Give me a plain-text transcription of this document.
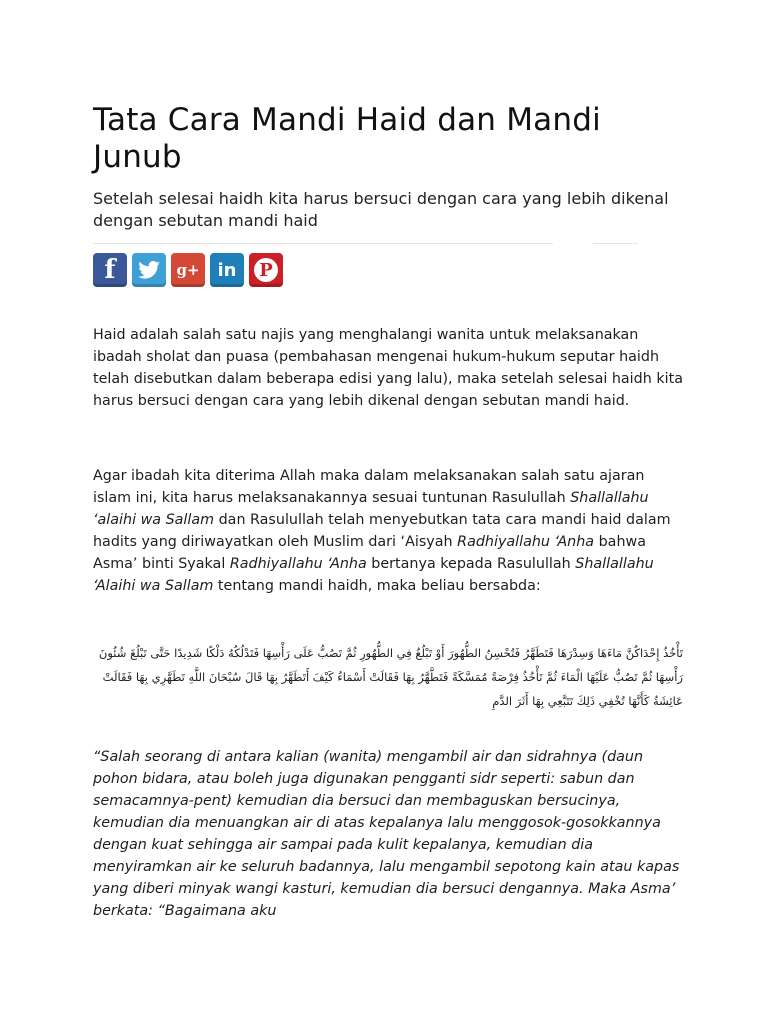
Tata Cara Mandi Haid dan Mandi Junub

Setelah selesai haidh kita harus bersuci dengan cara yang lebih dikenal dengan sebutan mandi haid

f	g+ in P

Haid adalah salah satu najis yang menghalangi wanita untuk melaksanakan ibadah sholat dan puasa (pembahasan mengenai hukum-hukum seputar haidh telah disebutkan dalam beberapa edisi yang lalu), maka setelah selesai haidh kita harus bersuci dengan cara yang lebih dikenal dengan sebutan mandi haid.

Agar ibadah kita diterima Allah maka dalam melaksanakan salah satu ajaran islam ini, kita harus melaksanakannya sesuai tuntunan Rasulullah Shallallahu ‘alaihi wa Sallam dan Rasulullah telah menyebutkan tata cara mandi haid dalam hadits yang diriwayatkan oleh Muslim dari ‘Aisyah Radhiyallahu ‘Anha bahwa Asma’ binti Syakal Radhiyallahu ‘Anha bertanya kepada Rasulullah Shallallahu ‘Alaihi wa Sallam tentang mandi haidh, maka beliau bersabda:

تَأْخُذُ إِحْدَاكُنَّ مَاءَهَا وَسِدْرَهَا فَتَطَهَّرُ فَتُحْسِنُ الطُّهُورَ أَوْ تَبْلُغُ فِي الطُّهُورِ ثُمَّ تَصُبُّ عَلَى رَأْسِهَا فَتَدْلُكُهُ دَلْكًا شَدِيدًا حَتَّى تَبْلُغَ شُئُونَ رَأْسِهَا ثُمَّ تَصُبُّ عَلَيْهَا الْمَاءَ ثُمَّ تَأْخُذُ فِرْصَةً مُمَسَّكَةً فَتَطَّهَّرُ بِهَا فَقَالَتْ أَسْمَاءُ كَيْفَ أَتَطَهَّرُ بِهَا قَالَ سُبْحَانَ اللَّهِ تَطَهَّرِي بِهَا فَقَالَتْ عَائِشَةُ كَأَنَّهَا تُخْفِي ذَلِكَ تَتَبَّعِي بِهَا أَثَرَ الدَّمِ

“Salah seorang di antara kalian (wanita) mengambil air dan sidrahnya (daun pohon bidara, atau boleh juga digunakan pengganti sidr seperti: sabun dan semacamnya-pent) kemudian dia bersuci dan membaguskan bersucinya, kemudian dia menuangkan air di atas kepalanya lalu menggosok-gosokkannya dengan kuat sehingga air sampai pada kulit kepalanya, kemudian dia menyiramkan air ke seluruh badannya, lalu mengambil sepotong kain atau kapas yang diberi minyak wangi kasturi, kemudian dia bersuci dengannya. Maka Asma’ berkata: “Bagaimana aku
